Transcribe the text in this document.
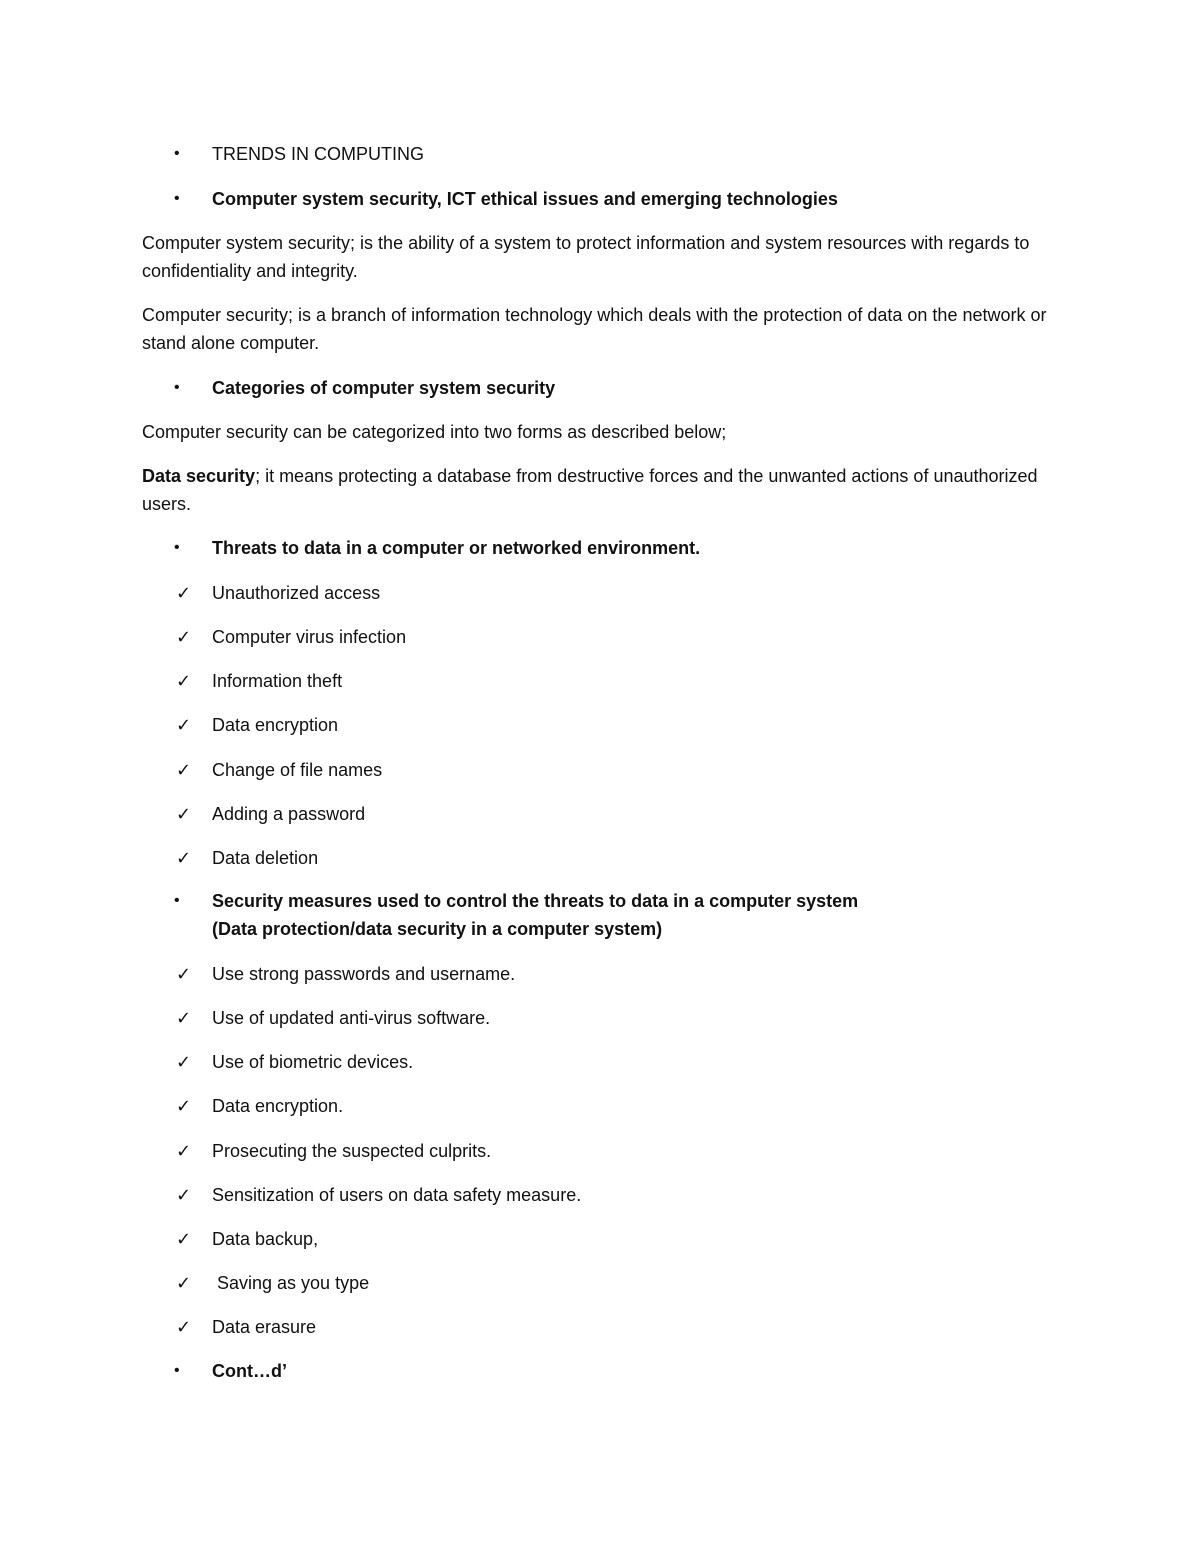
•	TRENDS IN COMPUTING
•	Computer system security, ICT ethical issues and emerging technologies
Computer system security; is the ability of a system to protect information and system resources with regards to confidentiality and integrity.
Computer security; is a branch of information technology which deals with the protection of data on the network or stand alone computer.
•	Categories of computer system security
Computer security can be categorized into two forms as described below;
Data security; it means protecting a database from destructive forces and the unwanted actions of unauthorized users.
•	Threats to data in a computer or networked environment.
✓ Unauthorized access
✓ Computer virus infection
✓ Information theft
✓ Data encryption
✓ Change of file names
✓ Adding a password
✓ Data deletion
•	Security measures used to control the threats to data in a computer system
(Data protection/data security in a computer system)
✓ Use strong passwords and username.
✓ Use of updated anti-virus software.
✓ Use of biometric devices.
✓ Data encryption.
✓ Prosecuting the suspected culprits.
✓ Sensitization of users on data safety measure.
✓ Data backup,
✓ Saving as you type
✓ Data erasure
•	Cont…d’
